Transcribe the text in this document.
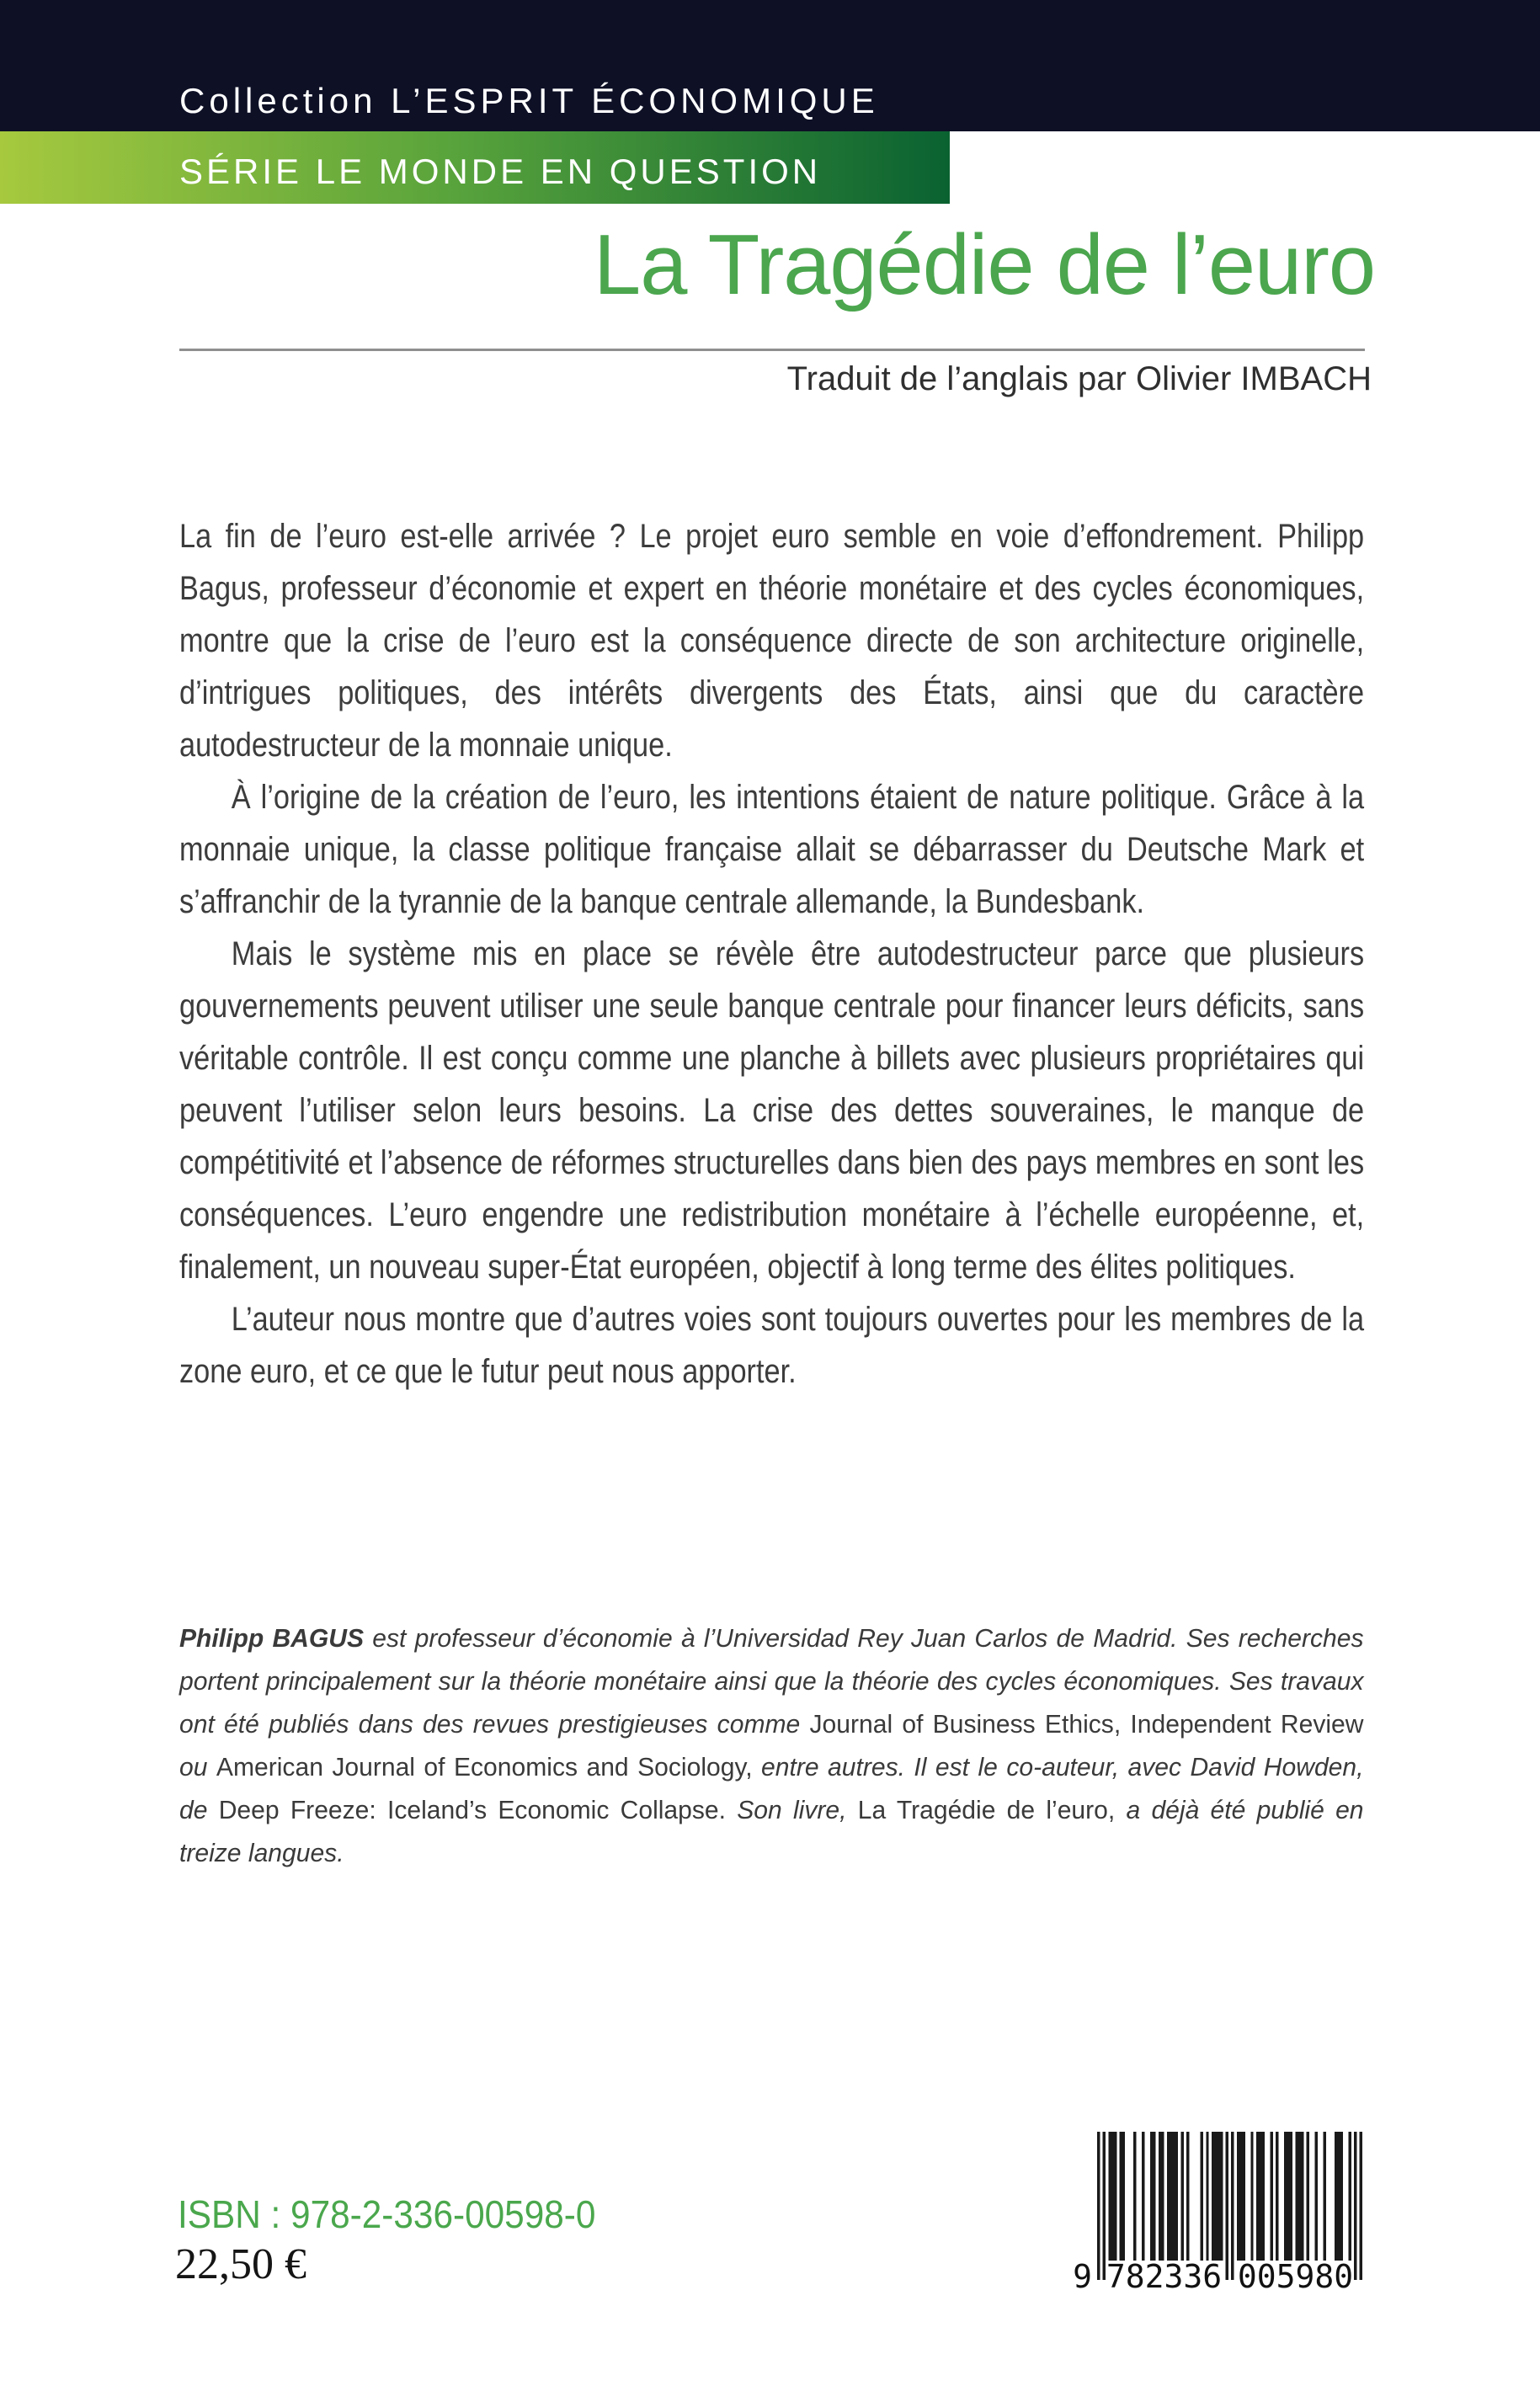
Collection L’ESPRIT ÉCONOMIQUE
SÉRIE LE MONDE EN QUESTION
La Tragédie de l’euro
Traduit de l’anglais par Olivier IMBACH

La fin de l’euro est-elle arrivée ? Le projet euro semble en voie d’effondrement. Philipp Bagus, professeur d’économie et expert en théorie monétaire et des cycles économiques, montre que la crise de l’euro est la conséquence directe de son architecture originelle, d’intrigues politiques, des intérêts divergents des États, ainsi que du caractère autodestructeur de la monnaie unique.

À l’origine de la création de l’euro, les intentions étaient de nature politique. Grâce à la monnaie unique, la classe politique française allait se débarrasser du Deutsche Mark et s’affranchir de la tyrannie de la banque centrale allemande, la Bundesbank.

Mais le système mis en place se révèle être autodestructeur parce que plusieurs gouvernements peuvent utiliser une seule banque centrale pour financer leurs déficits, sans véritable contrôle. Il est conçu comme une planche à billets avec plusieurs propriétaires qui peuvent l’utiliser selon leurs besoins. La crise des dettes souveraines, le manque de compétitivité et l’absence de réformes structurelles dans bien des pays membres en sont les conséquences. L’euro engendre une redistribution monétaire à l’échelle européenne, et, finalement, un nouveau super-État européen, objectif à long terme des élites politiques.

L’auteur nous montre que d’autres voies sont toujours ouvertes pour les membres de la zone euro, et ce que le futur peut nous apporter.

Philipp BAGUS est professeur d’économie à l’Universidad Rey Juan Carlos de Madrid. Ses recherches portent principalement sur la théorie monétaire ainsi que la théorie des cycles économiques. Ses travaux ont été publiés dans des revues prestigieuses comme Journal of Business Ethics, Independent Review ou American Journal of Economics and Sociology, entre autres. Il est le co-auteur, avec David Howden, de Deep Freeze: Iceland’s Economic Collapse. Son livre, La Tragédie de l’euro, a déjà été publié en treize langues.
ISBN : 978-2-336-00598-0
22,50 €	9 782336 005980
